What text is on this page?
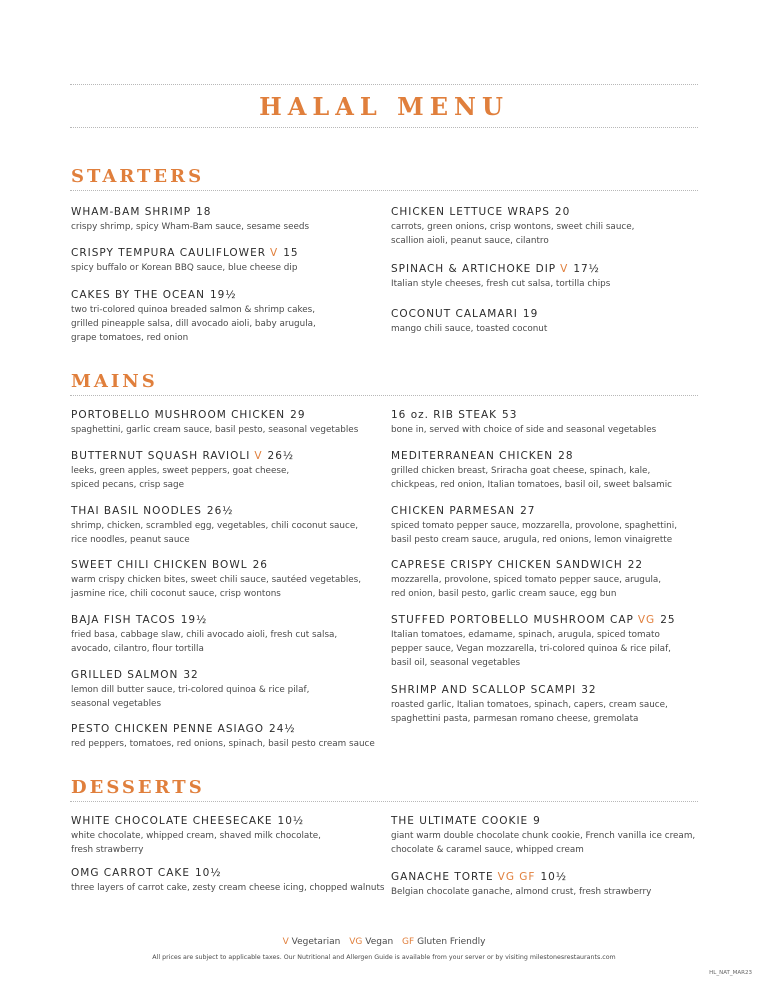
HALAL MENU
STARTERS
MAINS
DESSERTS
WHAM-BAM SHRIMP 18
crispy shrimp, spicy Wham-Bam sauce, sesame seeds
CRISPY TEMPURA CAULIFLOWER V 15
spicy buffalo or Korean BBQ sauce, blue cheese dip
CAKES BY THE OCEAN 19½
two tri-colored quinoa breaded salmon & shrimp cakes,
grilled pineapple salsa, dill avocado aioli, baby arugula,
grape tomatoes, red onion
CHICKEN LETTUCE WRAPS 20
carrots, green onions, crisp wontons, sweet chili sauce,
scallion aioli, peanut sauce, cilantro
SPINACH & ARTICHOKE DIP V 17½
Italian style cheeses, fresh cut salsa, tortilla chips
COCONUT CALAMARI 19
mango chili sauce, toasted coconut
PORTOBELLO MUSHROOM CHICKEN 29
spaghettini, garlic cream sauce, basil pesto, seasonal vegetables
BUTTERNUT SQUASH RAVIOLI V 26½
leeks, green apples, sweet peppers, goat cheese,
spiced pecans, crisp sage
THAI BASIL NOODLES 26½
shrimp, chicken, scrambled egg, vegetables, chili coconut sauce,
rice noodles, peanut sauce
SWEET CHILI CHICKEN BOWL 26
warm crispy chicken bites, sweet chili sauce, sautéed vegetables,
jasmine rice, chili coconut sauce, crisp wontons
BAJA FISH TACOS 19½
fried basa, cabbage slaw, chili avocado aioli, fresh cut salsa,
avocado, cilantro, flour tortilla
GRILLED SALMON 32
lemon dill butter sauce, tri-colored quinoa & rice pilaf,
seasonal vegetables
PESTO CHICKEN PENNE ASIAGO 24½
red peppers, tomatoes, red onions, spinach, basil pesto cream sauce
16 oz. RIB STEAK 53
bone in, served with choice of side and seasonal vegetables
MEDITERRANEAN CHICKEN 28
grilled chicken breast, Sriracha goat cheese, spinach, kale,
chickpeas, red onion, Italian tomatoes, basil oil, sweet balsamic
CHICKEN PARMESAN 27
spiced tomato pepper sauce, mozzarella, provolone, spaghettini,
basil pesto cream sauce, arugula, red onions, lemon vinaigrette
CAPRESE CRISPY CHICKEN SANDWICH 22
mozzarella, provolone, spiced tomato pepper sauce, arugula,
red onion, basil pesto, garlic cream sauce, egg bun
STUFFED PORTOBELLO MUSHROOM CAP VG 25
Italian tomatoes, edamame, spinach, arugula, spiced tomato
pepper sauce, Vegan mozzarella, tri-colored quinoa & rice pilaf,
basil oil, seasonal vegetables
SHRIMP AND SCALLOP SCAMPI 32
roasted garlic, Italian tomatoes, spinach, capers, cream sauce,
spaghettini pasta, parmesan romano cheese, gremolata
WHITE CHOCOLATE CHEESECAKE 10½
white chocolate, whipped cream, shaved milk chocolate,
fresh strawberry
OMG CARROT CAKE 10½
three layers of carrot cake, zesty cream cheese icing, chopped walnuts
THE ULTIMATE COOKIE 9
giant warm double chocolate chunk cookie, French vanilla ice cream,
chocolate & caramel sauce, whipped cream
GANACHE TORTE VG GF 10½
Belgian chocolate ganache, almond crust, fresh strawberry
V Vegetarian VG Vegan GF Gluten Friendly
All prices are subject to applicable taxes. Our Nutritional and Allergen Guide is available from your server or by visiting milestonesrestaurants.com
HL_NAT_MAR23
